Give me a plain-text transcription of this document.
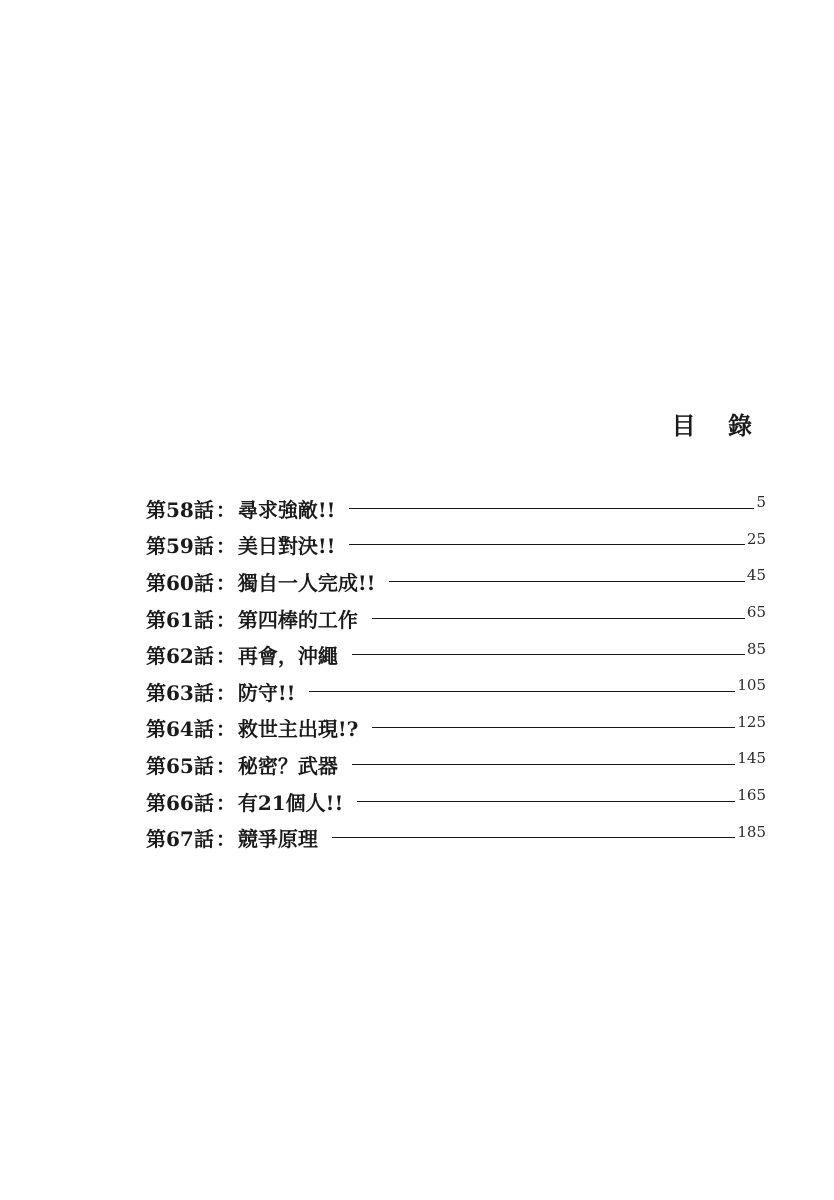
目 錄
第58話 ： 尋求強敵!!	5
第59話 ： 美日對決!!	25
第60話 ： 獨自一人完成!!	45
第61話 ： 第四棒的工作	65
第62話 ： 再會，沖繩	85
第63話 ： 防守!!	105
第64話 ： 救世主出現!?	125
第65話 ： 秘密？武器	145
第66話 ： 有21個人!!	165
第67話 ： 競爭原理	185
